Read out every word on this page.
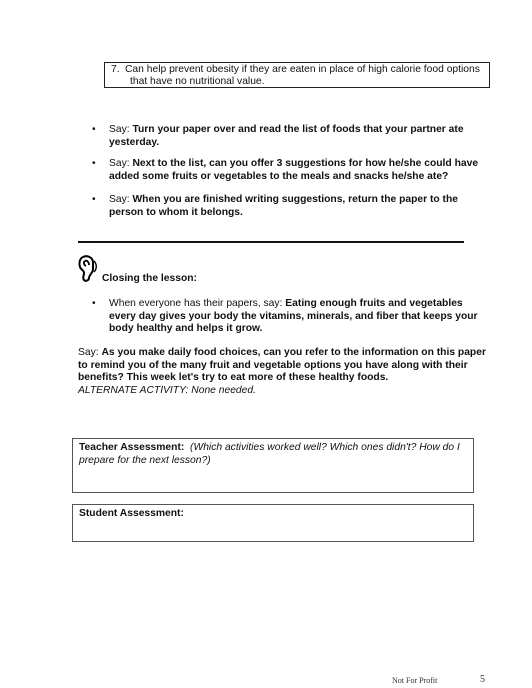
7. Can help prevent obesity if they are eaten in place of high calorie food options
that have no nutritional value.
• Say: Turn your paper over and read the list of foods that your partner ate yesterday.
• Say: Next to the list, can you offer 3 suggestions for how he/she could have added some fruits or vegetables to the meals and snacks he/she ate?
• Say: When you are finished writing suggestions, return the paper to the person to whom it belongs.
Closing the lesson:
• When everyone has their papers, say: Eating enough fruits and vegetables every day gives your body the vitamins, minerals, and fiber that keeps your body healthy and helps it grow.
Say: As you make daily food choices, can you refer to the information on this paper to remind you of the many fruit and vegetable options you have along with their benefits? This week let's try to eat more of these healthy foods.
ALTERNATE ACTIVITY: None needed.
Teacher Assessment: (Which activities worked well? Which ones didn't? How do I prepare for the next lesson?)
Student Assessment:
Not For Profit	5
